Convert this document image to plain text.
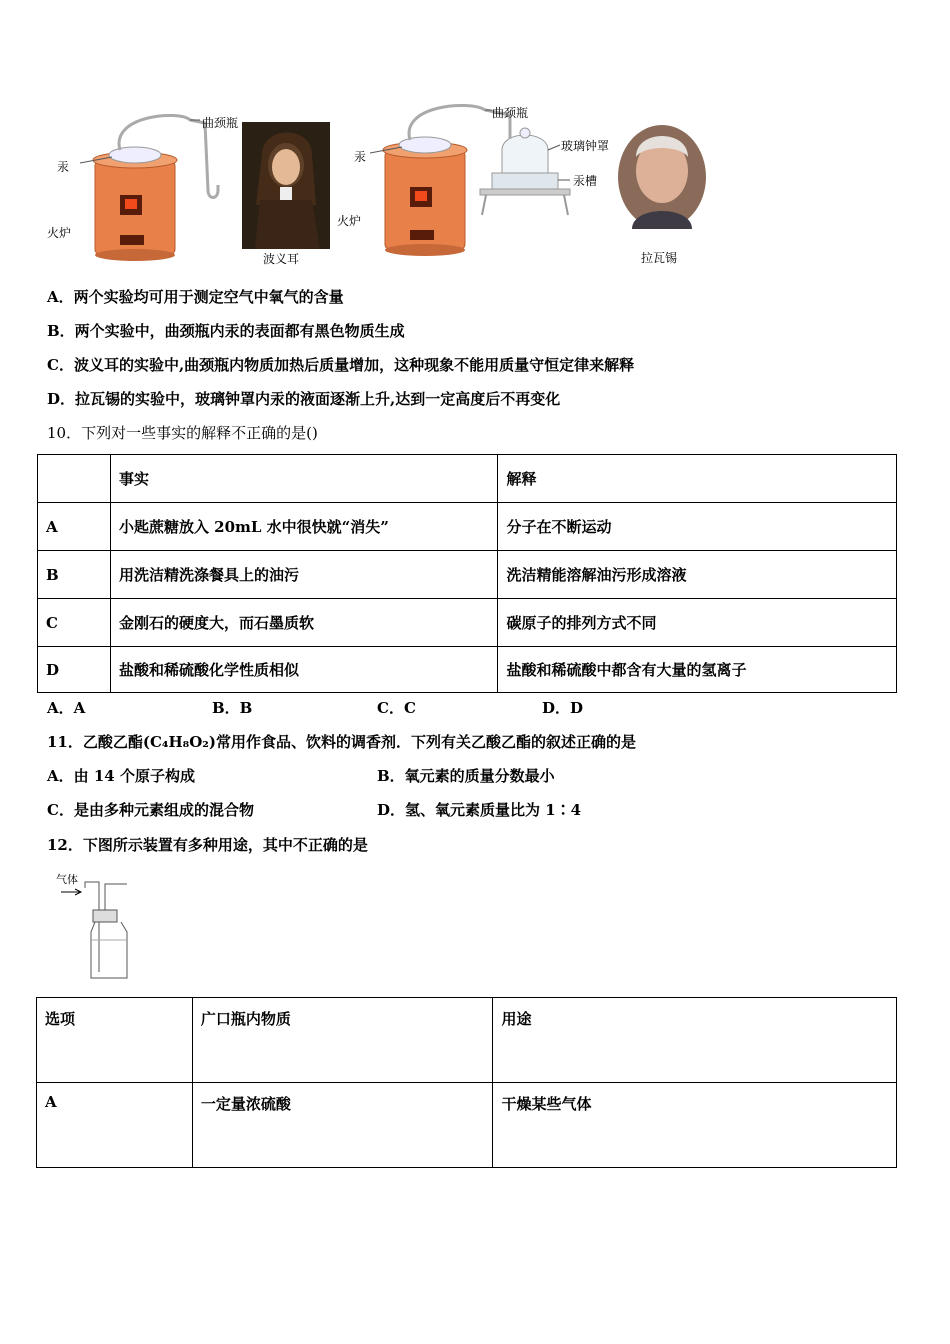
曲颈瓶
汞
火炉
波义耳
曲颈瓶
玻璃钟罩
汞
汞槽
火炉
拉瓦锡
A．两个实验均可用于测定空气中氧气的含量
B．两个实验中，曲颈瓶内汞的表面都有黑色物质生成
C．波义耳的实验中,曲颈瓶内物质加热后质量增加，这种现象不能用质量守恒定律来解释
D．拉瓦锡的实验中，玻璃钟罩内汞的液面逐渐上升,达到一定高度后不再变化
10．下列对一些事实的解释不正确的是()
	事实	解释
A	小匙蔗糖放入 20mL 水中很快就“消失”	分子在不断运动
B	用洗洁精洗涤餐具上的油污	洗洁精能溶解油污形成溶液
C	金刚石的硬度大，而石墨质软	碳原子的排列方式不同
D	盐酸和稀硫酸化学性质相似	盐酸和稀硫酸中都含有大量的氢离子
A．A	B．B	C．C	D．D
11．乙酸乙酯(C₄H₈O₂)常用作食品、饮料的调香剂．下列有关乙酸乙酯的叙述正确的是
A．由 14 个原子构成	B．氧元素的质量分数最小
C．是由多种元素组成的混合物	D．氢、氧元素质量比为 1∶4
12．下图所示装置有多种用途，其中不正确的是
气体
选项	广口瓶内物质	用途
A	一定量浓硫酸	干燥某些气体
